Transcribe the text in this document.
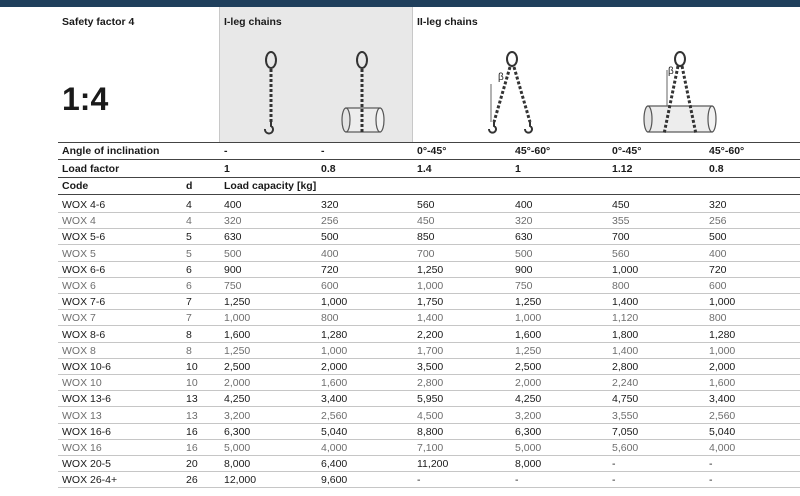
Safety factor 4	I-leg chains	II-leg chains
1:4
β
β
Angle of inclination	-	-	0°-45°	45°-60°	0°-45°	45°-60°
Load factor	1	0.8	1.4	1	1.12	0.8
Code	d	Load capacity [kg]
WOX 4-6	4	400	320	560	400	450	320
WOX 4	4	320	256	450	320	355	256
WOX 5-6	5	630	500	850	630	700	500
WOX 5	5	500	400	700	500	560	400
WOX 6-6	6	900	720	1,250	900	1,000	720
WOX 6	6	750	600	1,000	750	800	600
WOX 7-6	7	1,250	1,000	1,750	1,250	1,400	1,000
WOX 7	7	1,000	800	1,400	1,000	1,120	800
WOX 8-6	8	1,600	1,280	2,200	1,600	1,800	1,280
WOX 8	8	1,250	1,000	1,700	1,250	1,400	1,000
WOX 10-6	10	2,500	2,000	3,500	2,500	2,800	2,000
WOX 10	10	2,000	1,600	2,800	2,000	2,240	1,600
WOX 13-6	13	4,250	3,400	5,950	4,250	4,750	3,400
WOX 13	13	3,200	2,560	4,500	3,200	3,550	2,560
WOX 16-6	16	6,300	5,040	8,800	6,300	7,050	5,040
WOX 16	16	5,000	4,000	7,100	5,000	5,600	4,000
WOX 20-5	20	8,000	6,400	11,200	8,000	-	-
WOX 26-4+	26	12,000	9,600	-	-	-	-
